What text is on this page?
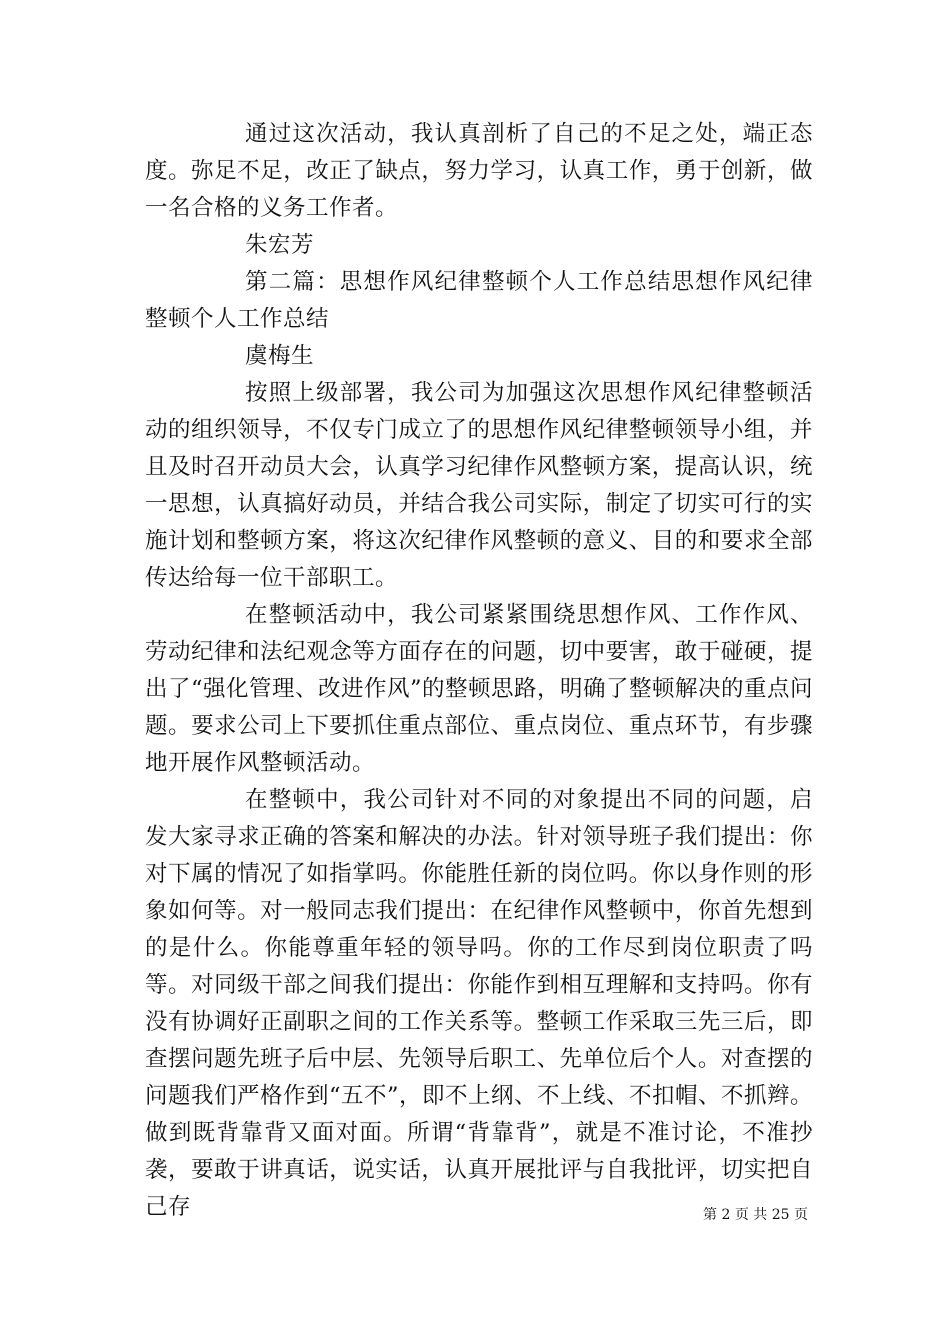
通过这次活动，我认真剖析了自己的不足之处，端正态度。弥足不足，改正了缺点，努力学习，认真工作，勇于创新，做一名合格的义务工作者。

朱宏芳

第二篇：思想作风纪律整顿个人工作总结思想作风纪律整顿个人工作总结

虞梅生

按照上级部署，我公司为加强这次思想作风纪律整顿活动的组织领导，不仅专门成立了的思想作风纪律整顿领导小组，并且及时召开动员大会，认真学习纪律作风整顿方案，提高认识，统一思想，认真搞好动员，并结合我公司实际，制定了切实可行的实施计划和整顿方案，将这次纪律作风整顿的意义、目的和要求全部传达给每一位干部职工。

在整顿活动中，我公司紧紧围绕思想作风、工作作风、劳动纪律和法纪观念等方面存在的问题，切中要害，敢于碰硬，提出了“强化管理、改进作风”的整顿思路，明确了整顿解决的重点问题。要求公司上下要抓住重点部位、重点岗位、重点环节，有步骤地开展作风整顿活动。

在整顿中，我公司针对不同的对象提出不同的问题，启发大家寻求正确的答案和解决的办法。针对领导班子我们提出：你对下属的情况了如指掌吗。你能胜任新的岗位吗。你以身作则的形象如何等。对一般同志我们提出：在纪律作风整顿中，你首先想到的是什么。你能尊重年轻的领导吗。你的工作尽到岗位职责了吗等。对同级干部之间我们提出：你能作到相互理解和支持吗。你有没有协调好正副职之间的工作关系等。整顿工作采取三先三后，即查摆问题先班子后中层、先领导后职工、先单位后个人。对查摆的问题我们严格作到“五不”，即不上纲、不上线、不扣帽、不抓辫。做到既背靠背又面对面。所谓“背靠背”，就是不准讨论，不准抄袭，要敢于讲真话，说实话，认真开展批评与自我批评，切实把自己存	第 2 页 共 25 页
